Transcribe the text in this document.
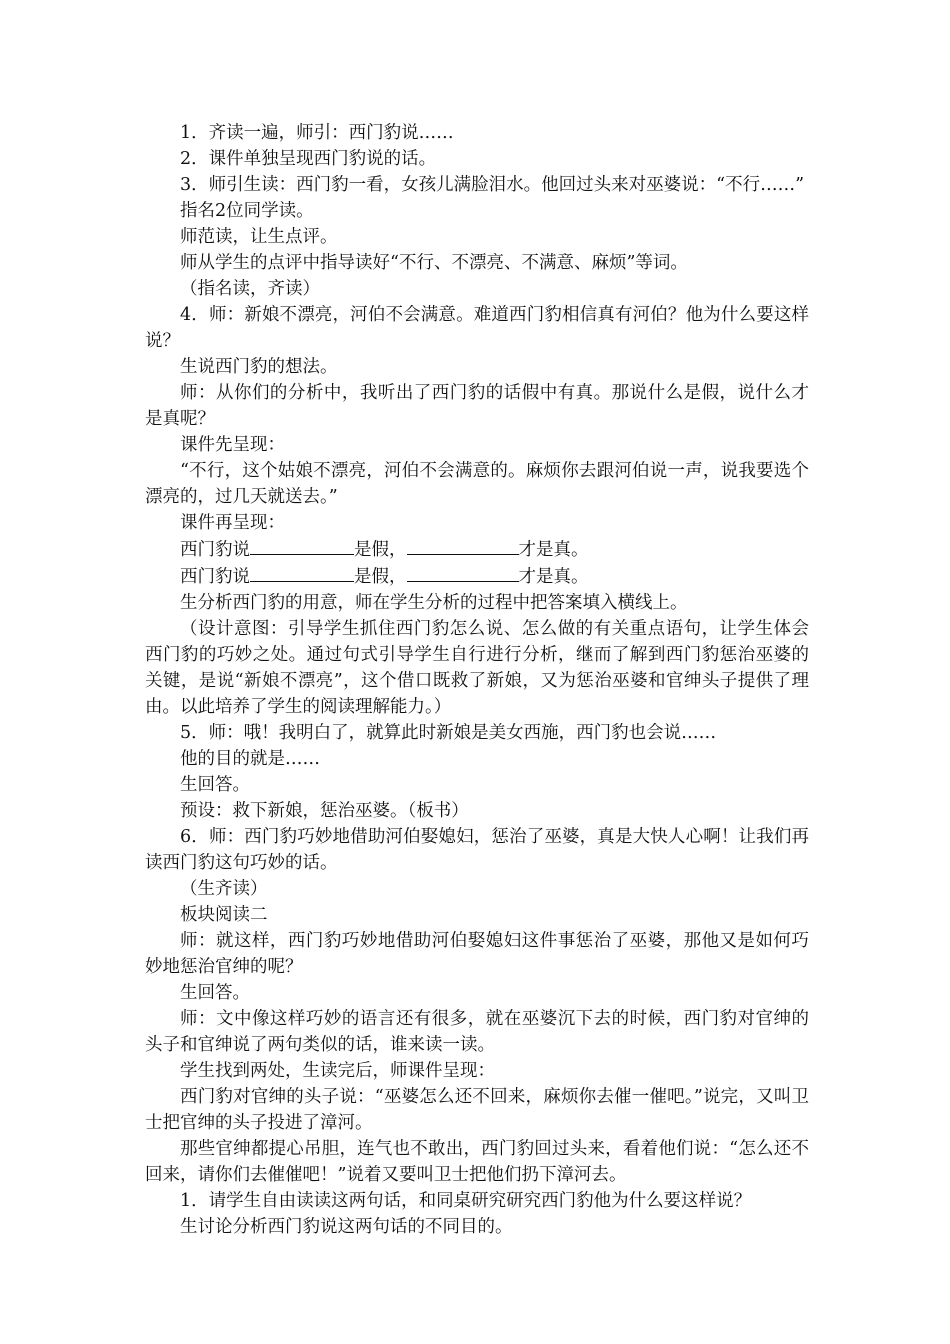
1．齐读一遍，师引：西门豹说……

2．课件单独呈现西门豹说的话。

3．师引生读：西门豹一看，女孩儿满脸泪水。他回过头来对巫婆说：“不行……”

指名2位同学读。

师范读，让生点评。

师从学生的点评中指导读好“不行、不漂亮、不满意、麻烦”等词。

（指名读，齐读）

4．师：新娘不漂亮，河伯不会满意。难道西门豹相信真有河伯？他为什么要这样说？

生说西门豹的想法。

师：从你们的分析中，我听出了西门豹的话假中有真。那说什么是假，说什么才是真呢？

课件先呈现：

“不行，这个姑娘不漂亮，河伯不会满意的。麻烦你去跟河伯说一声，说我要选个漂亮的，过几天就送去。”

课件再呈现：

西门豹说	是假，	才是真。

西门豹说	是假，	才是真。

生分析西门豹的用意，师在学生分析的过程中把答案填入横线上。

（设计意图：引导学生抓住西门豹怎么说、怎么做的有关重点语句，让学生体会西门豹的巧妙之处。通过句式引导学生自行进行分析，继而了解到西门豹惩治巫婆的关键，是说“新娘不漂亮”，这个借口既救了新娘，又为惩治巫婆和官绅头子提供了理由。以此培养了学生的阅读理解能力。）

5．师：哦！我明白了，就算此时新娘是美女西施，西门豹也会说……

他的目的就是……

生回答。

预设：救下新娘，惩治巫婆。（板书）

6．师：西门豹巧妙地借助河伯娶媳妇，惩治了巫婆，真是大快人心啊！让我们再读西门豹这句巧妙的话。

（生齐读）

板块阅读二

师：就这样，西门豹巧妙地借助河伯娶媳妇这件事惩治了巫婆，那他又是如何巧妙地惩治官绅的呢？

生回答。

师：文中像这样巧妙的语言还有很多，就在巫婆沉下去的时候，西门豹对官绅的头子和官绅说了两句类似的话，谁来读一读。

学生找到两处，生读完后，师课件呈现：

西门豹对官绅的头子说：“巫婆怎么还不回来，麻烦你去催一催吧。”说完，又叫卫士把官绅的头子投进了漳河。

那些官绅都提心吊胆，连气也不敢出，西门豹回过头来，看着他们说：“怎么还不回来，请你们去催催吧！”说着又要叫卫士把他们扔下漳河去。

1．请学生自由读读这两句话，和同桌研究研究西门豹他为什么要这样说？

生讨论分析西门豹说这两句话的不同目的。
